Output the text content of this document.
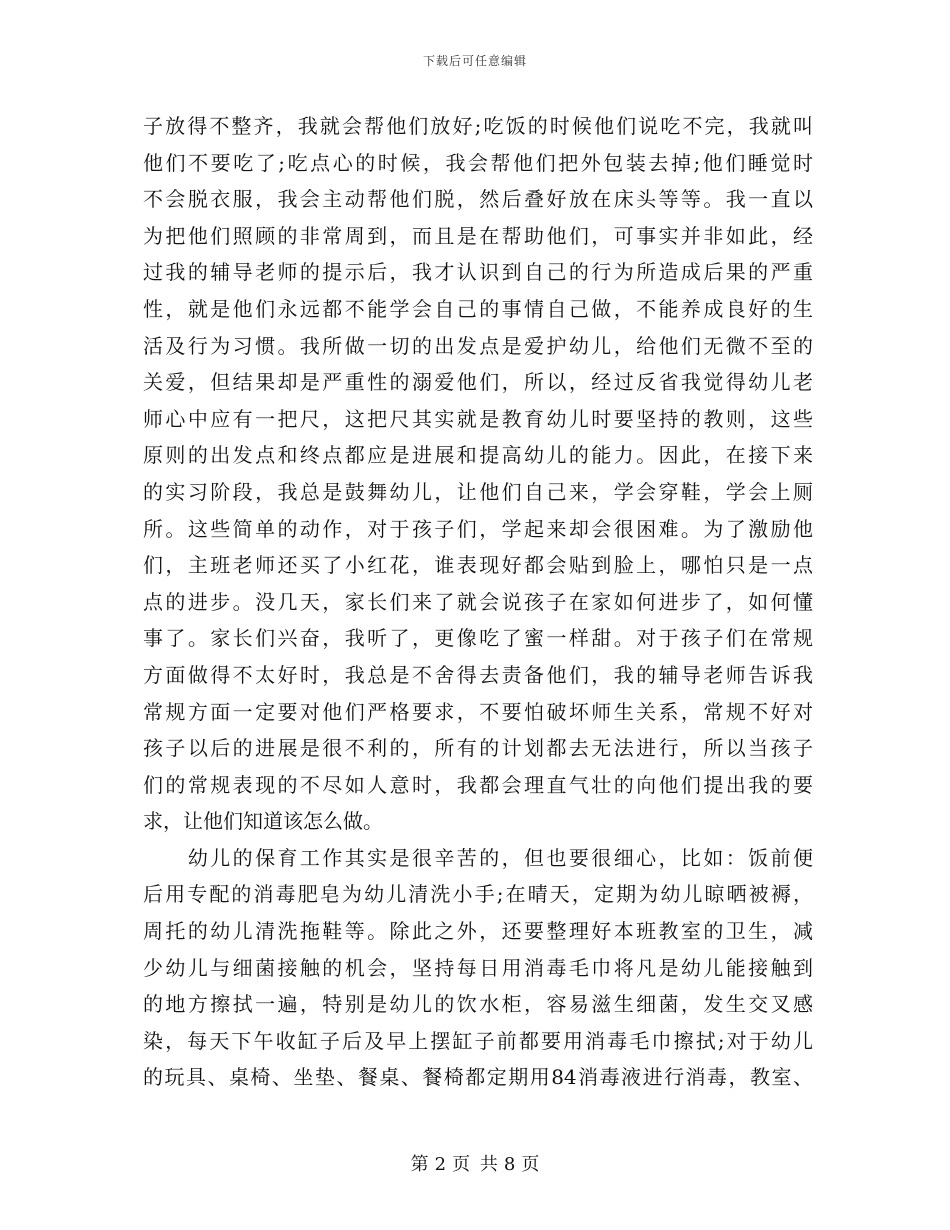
下载后可任意编辑
子放得不整齐，我就会帮他们放好;吃饭的时候他们说吃不完，我就叫
他们不要吃了;吃点心的时候，我会帮他们把外包装去掉;他们睡觉时
不会脱衣服，我会主动帮他们脱，然后叠好放在床头等等。我一直以
为把他们照顾的非常周到，而且是在帮助他们，可事实并非如此，经
过我的辅导老师的提示后，我才认识到自己的行为所造成后果的严重
性，就是他们永远都不能学会自己的事情自己做，不能养成良好的生
活及行为习惯。我所做一切的出发点是爱护幼儿，给他们无微不至的
关爱，但结果却是严重性的溺爱他们，所以，经过反省我觉得幼儿老
师心中应有一把尺，这把尺其实就是教育幼儿时要坚持的教则，这些
原则的出发点和终点都应是进展和提高幼儿的能力。因此，在接下来
的实习阶段，我总是鼓舞幼儿，让他们自己来，学会穿鞋，学会上厕
所。这些简单的动作，对于孩子们，学起来却会很困难。为了激励他
们，主班老师还买了小红花，谁表现好都会贴到脸上，哪怕只是一点
点的进步。没几天，家长们来了就会说孩子在家如何进步了，如何懂
事了。家长们兴奋，我听了，更像吃了蜜一样甜。对于孩子们在常规
方面做得不太好时，我总是不舍得去责备他们，我的辅导老师告诉我
常规方面一定要对他们严格要求，不要怕破坏师生关系，常规不好对
孩子以后的进展是很不利的，所有的计划都去无法进行，所以当孩子
们的常规表现的不尽如人意时，我都会理直气壮的向他们提出我的要
求，让他们知道该怎么做。
　　幼儿的保育工作其实是很辛苦的，但也要很细心，比如：饭前便
后用专配的消毒肥皂为幼儿清洗小手;在晴天，定期为幼儿晾晒被褥，
周托的幼儿清洗拖鞋等。除此之外，还要整理好本班教室的卫生，减
少幼儿与细菌接触的机会，坚持每日用消毒毛巾将凡是幼儿能接触到
的地方擦拭一遍，特别是幼儿的饮水柜，容易滋生细菌，发生交叉感
染，每天下午收缸子后及早上摆缸子前都要用消毒毛巾擦拭;对于幼儿
的玩具、桌椅、坐垫、餐桌、餐椅都定期用84消毒液进行消毒，教室、
第 2 页 共 8 页
